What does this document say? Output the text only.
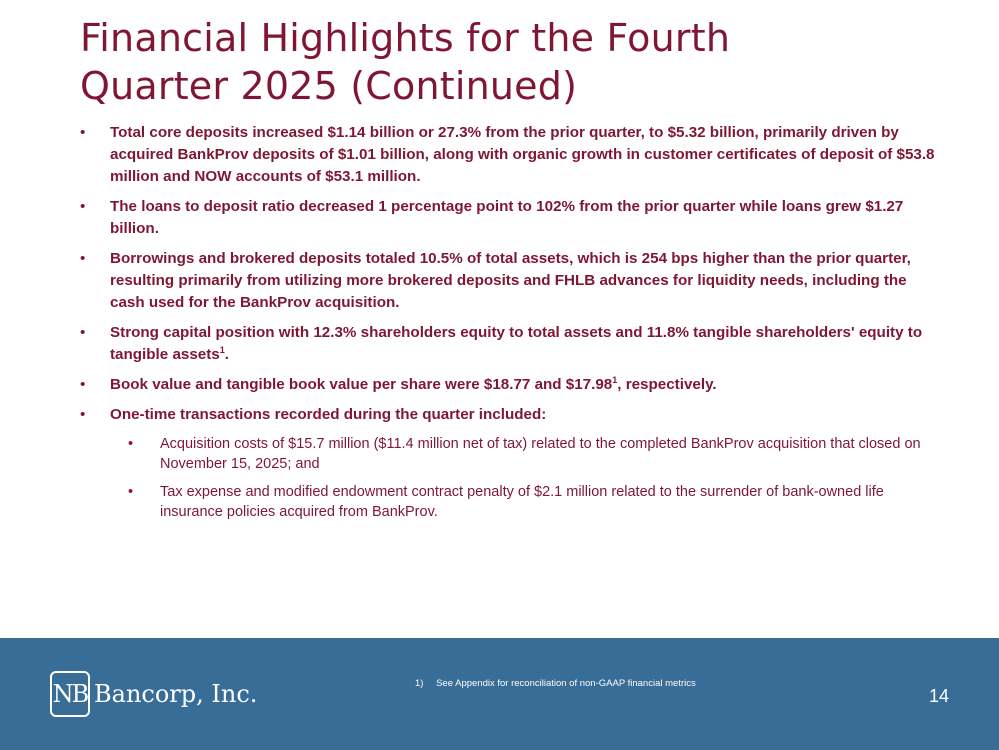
Financial Highlights for the Fourth
Quarter 2025 (Continued)
•	Total core deposits increased $1.14 billion or 27.3% from the prior quarter, to $5.32 billion, primarily driven by acquired BankProv deposits of $1.01 billion, along with organic growth in customer certificates of deposit of $53.8 million and NOW accounts of $53.1 million.
•	The loans to deposit ratio decreased 1 percentage point to 102% from the prior quarter while loans grew $1.27 billion.
•	Borrowings and brokered deposits totaled 10.5% of total assets, which is 254 bps higher than the prior quarter, resulting primarily from utilizing more brokered deposits and FHLB advances for liquidity needs, including the cash used for the BankProv acquisition.
•	Strong capital position with 12.3% shareholders equity to total assets and 11.8% tangible shareholders' equity to tangible assets$^1$.
•	Book value and tangible book value per share were $18.77 and $17.98$^1$, respectively.
•	One-time transactions recorded during the quarter included:
•	Acquisition costs of $15.7 million ($11.4 million net of tax) related to the completed BankProv acquisition that closed on November 15, 2025; and
•	Tax expense and modified endowment contract penalty of $2.1 million related to the surrender of bank-owned life insurance policies acquired from BankProv.
NB Bancorp, Inc.	1) See Appendix for reconciliation of non-GAAP financial metrics
14
